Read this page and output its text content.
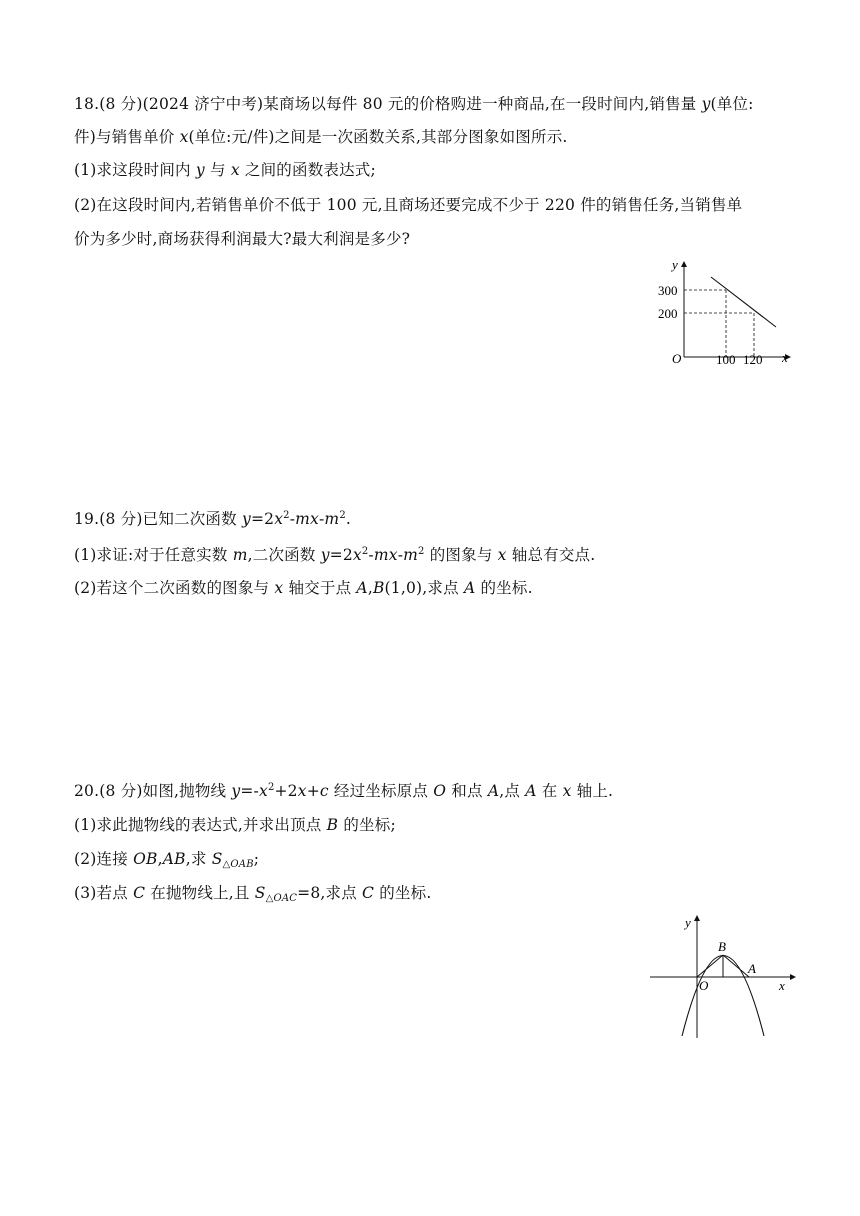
18.(8 分)(2024 济宁中考)某商场以每件 80 元的价格购进一种商品,在一段时间内,销售量 y(单位:
件)与销售单价 x(单位:元/件)之间是一次函数关系,其部分图象如图所示.
(1)求这段时间内 y 与 x 之间的函数表达式;
(2)在这段时间内,若销售单价不低于 100 元,且商场还要完成不少于 220 件的销售任务,当销售单
价为多少时,商场获得利润最大?最大利润是多少?
y
x
O
300
200
100 120
19.(8 分)已知二次函数 $y=2x^2-mx-m^2$.
(1)求证:对于任意实数 m,二次函数 $y=2x^2-mx-m^2$ 的图象与 x 轴总有交点.
(2)若这个二次函数的图象与 x 轴交于点 A,B(1,0),求点 A 的坐标.
20.(8 分)如图,抛物线 $y=-x^2+2x+c$ 经过坐标原点 O 和点 A,点 A 在 x 轴上.
(1)求此抛物线的表达式,并求出顶点 B 的坐标;
(2)连接 OB,AB,求 $S_{\triangle OAB}$;
(3)若点 C 在抛物线上,且 $S_{\triangle OAC}=8$,求点 C 的坐标.
y
x
O
B
A
